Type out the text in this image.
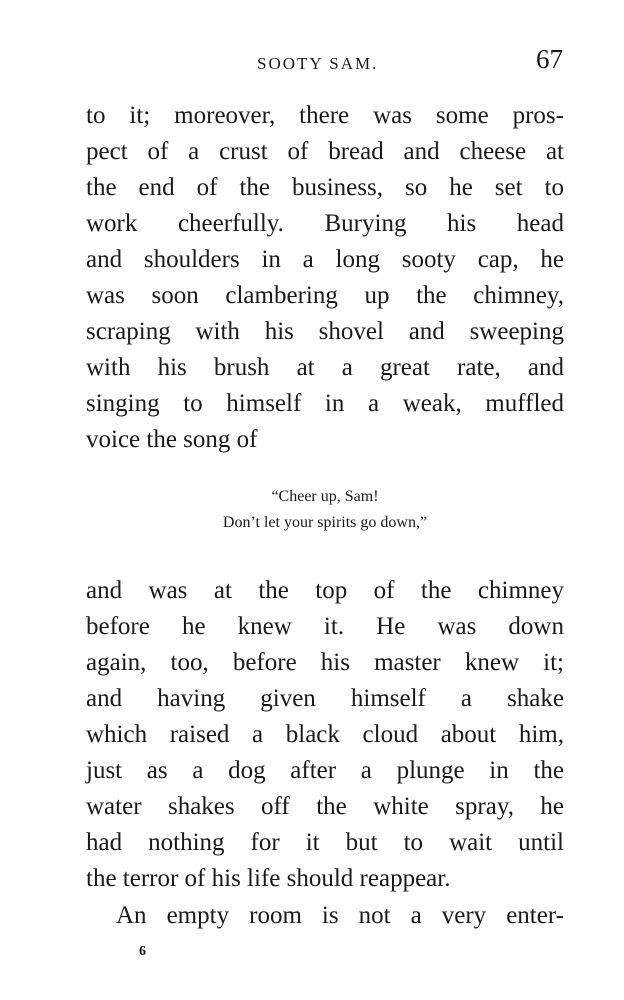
SOOTY SAM.	67
to it; moreover, there was some pros-
pect of a crust of bread and cheese at
the end of the business, so he set to
work cheerfully. Burying his head
and shoulders in a long sooty cap, he
was soon clambering up the chimney,
scraping with his shovel and sweeping
with his brush at a great rate, and
singing to himself in a weak, muffled
voice the song of
“Cheer up, Sam!
Don’t let your spirits go down,”
and was at the top of the chimney
before he knew it. He was down
again, too, before his master knew it;
and having given himself a shake
which raised a black cloud about him,
just as a dog after a plunge in the
water shakes off the white spray, he
had nothing for it but to wait until
the terror of his life should reappear.
An empty room is not a very enter-
6
